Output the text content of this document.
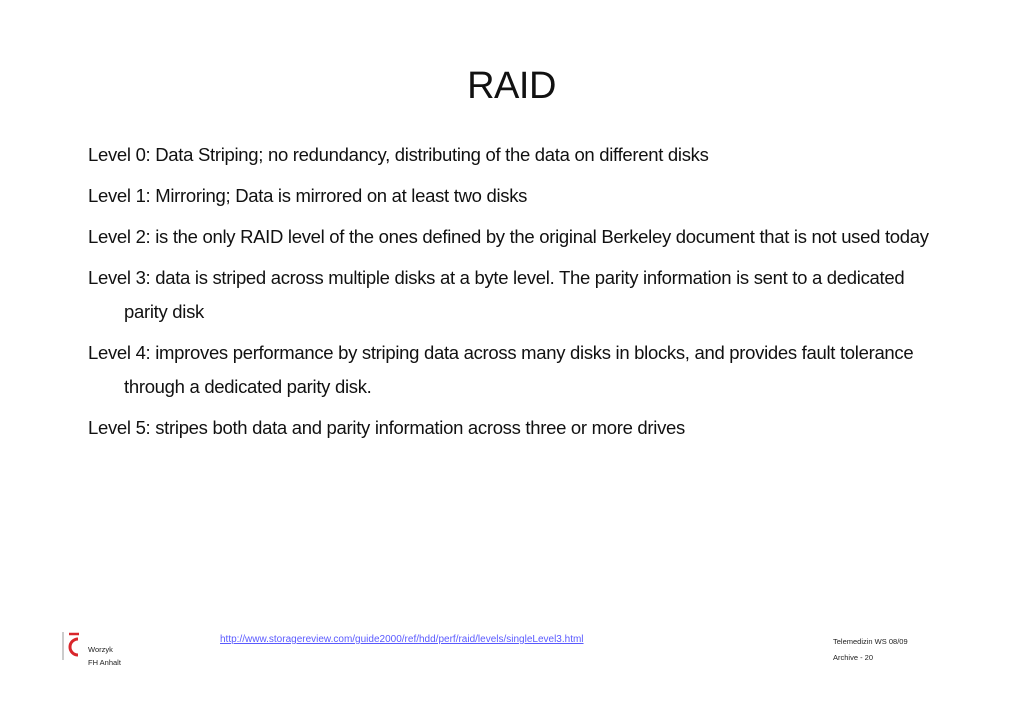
RAID
Level 0: Data Striping; no redundancy, distributing of the data on different disks
Level 1: Mirroring; Data is mirrored on at least two disks
Level 2: is the only RAID level of the ones defined by the original Berkeley document that is not used today
Level 3: data is striped across multiple disks at a byte level. The parity information is sent to a dedicated parity disk
Level 4: improves performance by striping data across many disks in blocks, and provides fault tolerance through a dedicated parity disk.
Level 5: stripes both data and parity information across three or more drives
Worzyk
FH Anhalt
http://www.storagereview.com/guide2000/ref/hdd/perf/raid/levels/singleLevel3.html	Telemedizin WS 08/09
Archive - 20
